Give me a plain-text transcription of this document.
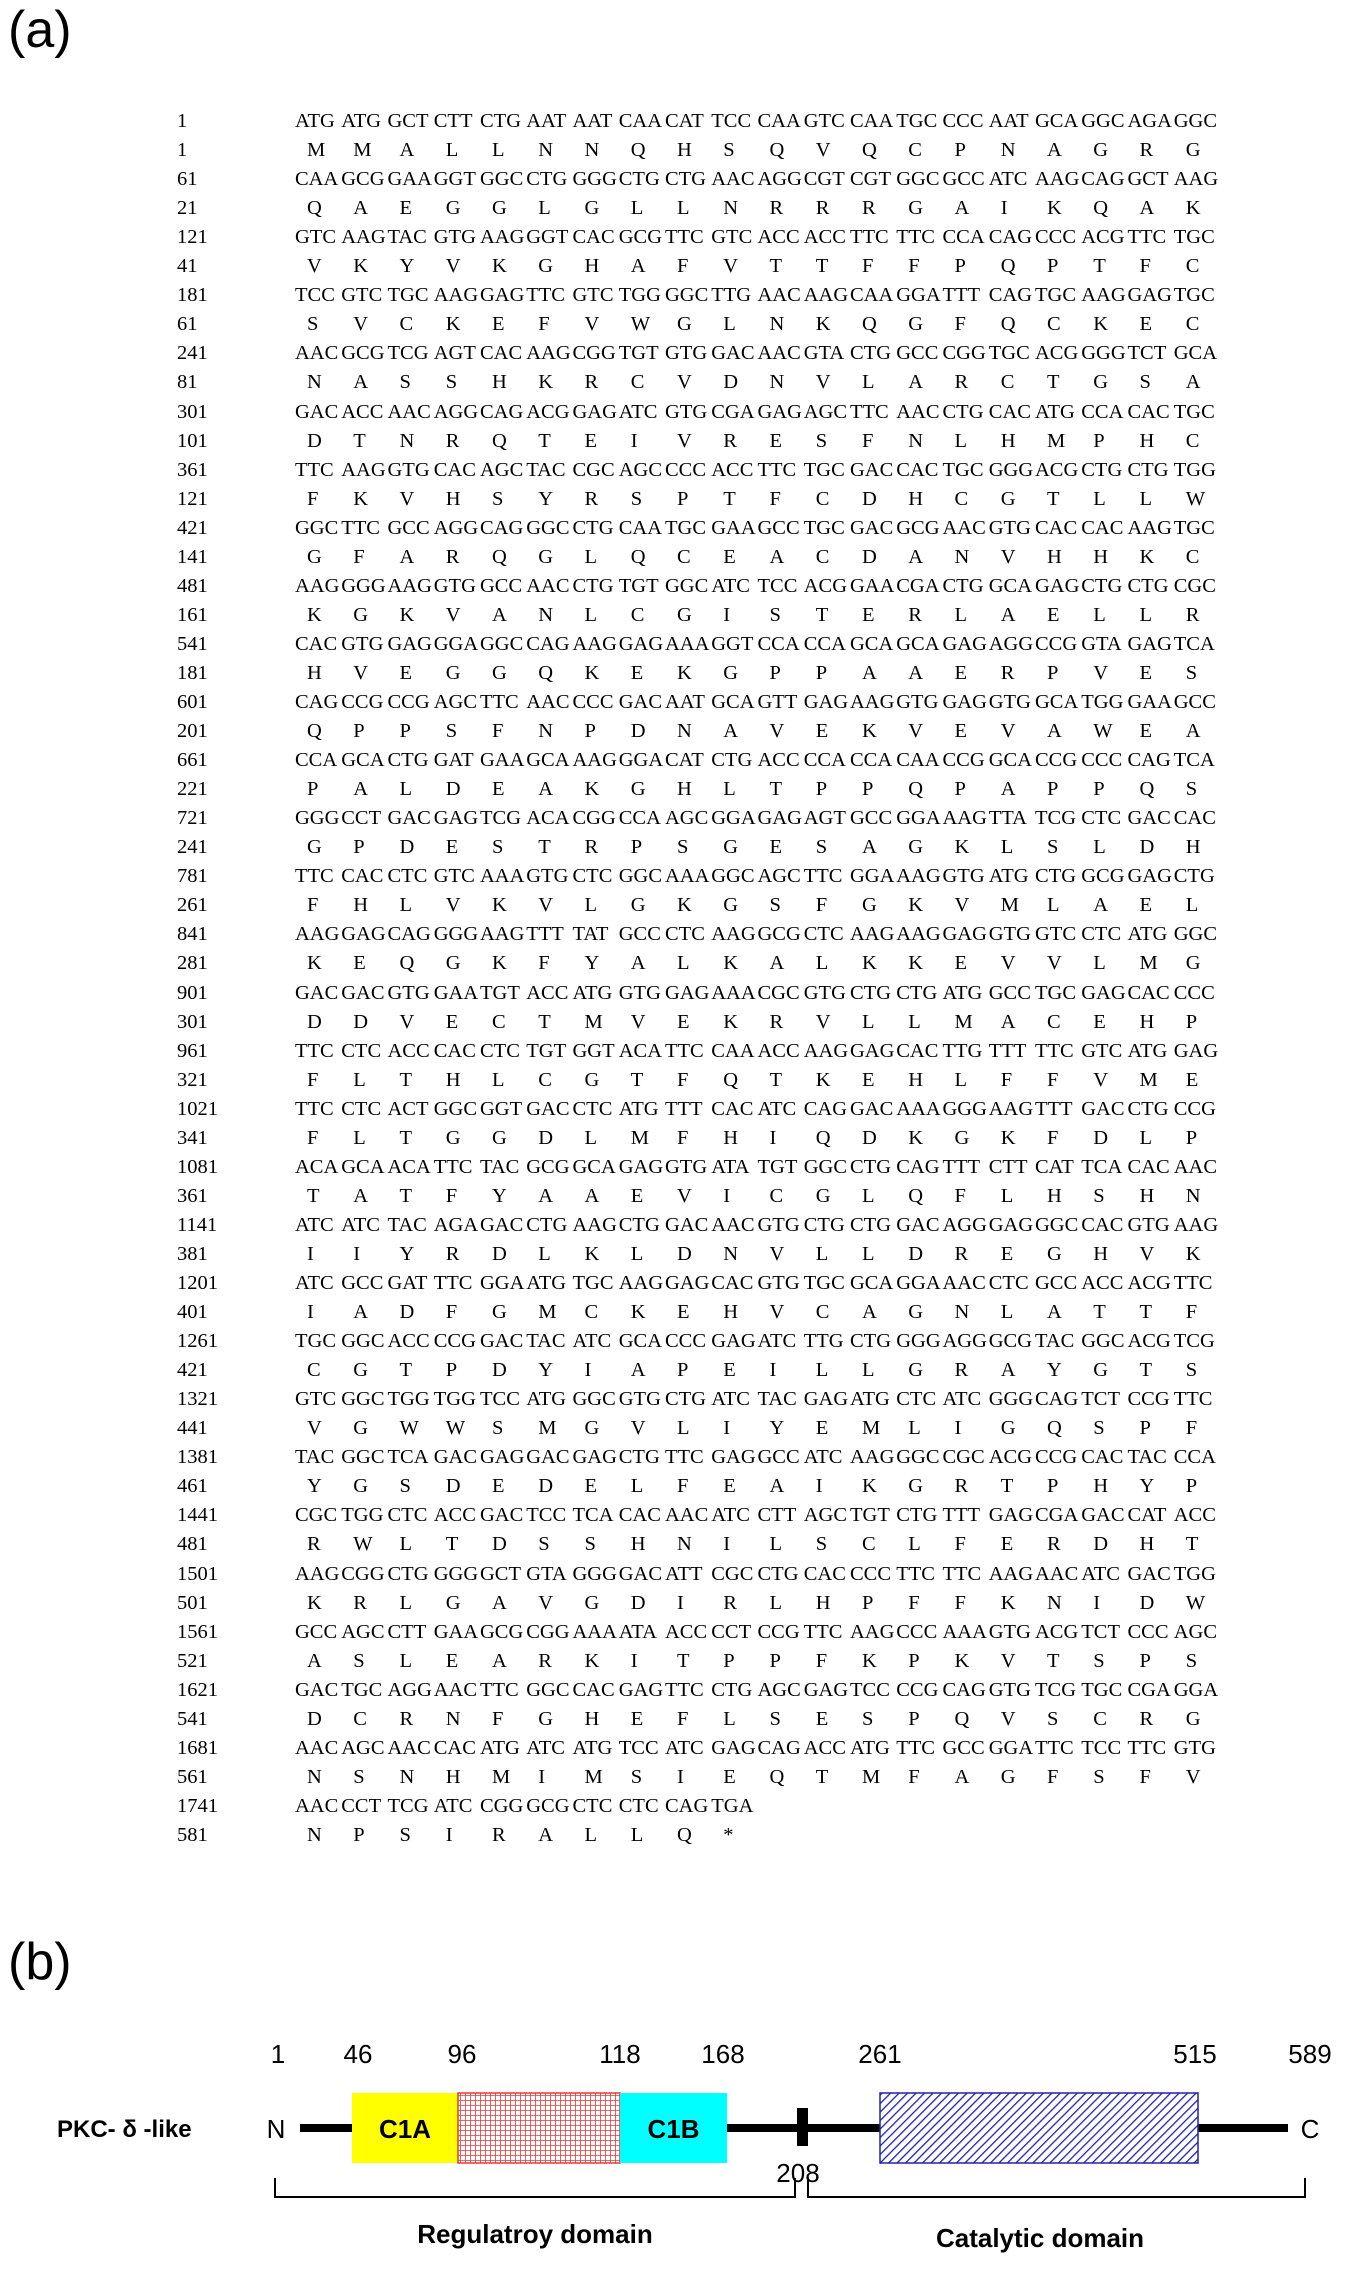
(a)
1	ATG ATG GCT CTT CTG AAT AAT CAA CAT TCC CAA GTC CAA TGC CCC AAT GCA GGC AGA GGC
1	M M A L L N N Q H S Q V Q C P N A G R G
61	CAA GCG GAA GGT GGC CTG GGG CTG CTG AAC AGG CGT CGT GGC GCC ATC AAG CAG GCT AAG
21	Q A E G G L G L L N R R R G A I K Q A K
121	GTC AAG TAC GTG AAG GGT CAC GCG TTC GTC ACC ACC TTC TTC CCA CAG CCC ACG TTC TGC
41	V K Y V K G H A F V T T F F P Q P T F C
181	TCC GTC TGC AAG GAG TTC GTC TGG GGC TTG AAC AAG CAA GGA TTT CAG TGC AAG GAG TGC
61	S V C K E F V W G L N K Q G F Q C K E C
241	AAC GCG TCG AGT CAC AAG CGG TGT GTG GAC AAC GTA CTG GCC CGG TGC ACG GGG TCT GCA
81	N A S S H K R C V D N V L A R C T G S A
301	GAC ACC AAC AGG CAG ACG GAG ATC GTG CGA GAG AGC TTC AAC CTG CAC ATG CCA CAC TGC
101	D T N R Q T E I V R E S F N L H M P H C
361	TTC AAG GTG CAC AGC TAC CGC AGC CCC ACC TTC TGC GAC CAC TGC GGG ACG CTG CTG TGG
121	F K V H S Y R S P T F C D H C G T L L W
421	GGC TTC GCC AGG CAG GGC CTG CAA TGC GAA GCC TGC GAC GCG AAC GTG CAC CAC AAG TGC
141	G F A R Q G L Q C E A C D A N V H H K C
481	AAG GGG AAG GTG GCC AAC CTG TGT GGC ATC TCC ACG GAA CGA CTG GCA GAG CTG CTG CGC
161	K G K V A N L C G I S T E R L A E L L R
541	CAC GTG GAG GGA GGC CAG AAG GAG AAA GGT CCA CCA GCA GCA GAG AGG CCG GTA GAG TCA
181	H V E G G Q K E K G P P A A E R P V E S
601	CAG CCG CCG AGC TTC AAC CCC GAC AAT GCA GTT GAG AAG GTG GAG GTG GCA TGG GAA GCC
201	Q P P S F N P D N A V E K V E V A W E A
661	CCA GCA CTG GAT GAA GCA AAG GGA CAT CTG ACC CCA CCA CAA CCG GCA CCG CCC CAG TCA
221	P A L D E A K G H L T P P Q P A P P Q S
721	GGG CCT GAC GAG TCG ACA CGG CCA AGC GGA GAG AGT GCC GGA AAG TTA TCG CTC GAC CAC
241	G P D E S T R P S G E S A G K L S L D H
781	TTC CAC CTC GTC AAA GTG CTC GGC AAA GGC AGC TTC GGA AAG GTG ATG CTG GCG GAG CTG
261	F H L V K V L G K G S F G K V M L A E L
841	AAG GAG CAG GGG AAG TTT TAT GCC CTC AAG GCG CTC AAG AAG GAG GTG GTC CTC ATG GGC
281	K E Q G K F Y A L K A L K K E V V L M G
901	GAC GAC GTG GAA TGT ACC ATG GTG GAG AAA CGC GTG CTG CTG ATG GCC TGC GAG CAC CCC
301	D D V E C T M V E K R V L L M A C E H P
961	TTC CTC ACC CAC CTC TGT GGT ACA TTC CAA ACC AAG GAG CAC TTG TTT TTC GTC ATG GAG
321	F L T H L C G T F Q T K E H L F F V M E
1021	TTC CTC ACT GGC GGT GAC CTC ATG TTT CAC ATC CAG GAC AAA GGG AAG TTT GAC CTG CCG
341	F L T G G D L M F H I Q D K G K F D L P
1081	ACA GCA ACA TTC TAC GCG GCA GAG GTG ATA TGT GGC CTG CAG TTT CTT CAT TCA CAC AAC
361	T A T F Y A A E V I C G L Q F L H S H N
1141	ATC ATC TAC AGA GAC CTG AAG CTG GAC AAC GTG CTG CTG GAC AGG GAG GGC CAC GTG AAG
381	I I Y R D L K L D N V L L D R E G H V K
1201	ATC GCC GAT TTC GGA ATG TGC AAG GAG CAC GTG TGC GCA GGA AAC CTC GCC ACC ACG TTC
401	I A D F G M C K E H V C A G N L A T T F
1261	TGC GGC ACC CCG GAC TAC ATC GCA CCC GAG ATC TTG CTG GGG AGG GCG TAC GGC ACG TCG
421	C G T P D Y I A P E I L L G R A Y G T S
1321	GTC GGC TGG TGG TCC ATG GGC GTG CTG ATC TAC GAG ATG CTC ATC GGG CAG TCT CCG TTC
441	V G W W S M G V L I Y E M L I G Q S P F
1381	TAC GGC TCA GAC GAG GAC GAG CTG TTC GAG GCC ATC AAG GGC CGC ACG CCG CAC TAC CCA
461	Y G S D E D E L F E A I K G R T P H Y P
1441	CGC TGG CTC ACC GAC TCC TCA CAC AAC ATC CTT AGC TGT CTG TTT GAG CGA GAC CAT ACC
481	R W L T D S S H N I L S C L F E R D H T
1501	AAG CGG CTG GGG GCT GTA GGG GAC ATT CGC CTG CAC CCC TTC TTC AAG AAC ATC GAC TGG
501	K R L G A V G D I R L H P F F K N I D W
1561	GCC AGC CTT GAA GCG CGG AAA ATA ACC CCT CCG TTC AAG CCC AAA GTG ACG TCT CCC AGC
521	A S L E A R K I T P P F K P K V T S P S
1621	GAC TGC AGG AAC TTC GGC CAC GAG TTC CTG AGC GAG TCC CCG CAG GTG TCG TGC CGA GGA
541	D C R N F G H E F L S E S P Q V S C R G
1681	AAC AGC AAC CAC ATG ATC ATG TCC ATC GAG CAG ACC ATG TTC GCC GGA TTC TCC TTC GTG
561	N S N H M I M S I E Q T M F A G F S F V
1741	AAC CCT TCG ATC CGG GCG CTC CTC CAG TGA
581	N P S I R A L L Q *
(b)
C1A	C1B
1 46	96	118 168	261	515	589
208
PKC- δ -like	N	C
Regulatroy domain	Catalytic domain
